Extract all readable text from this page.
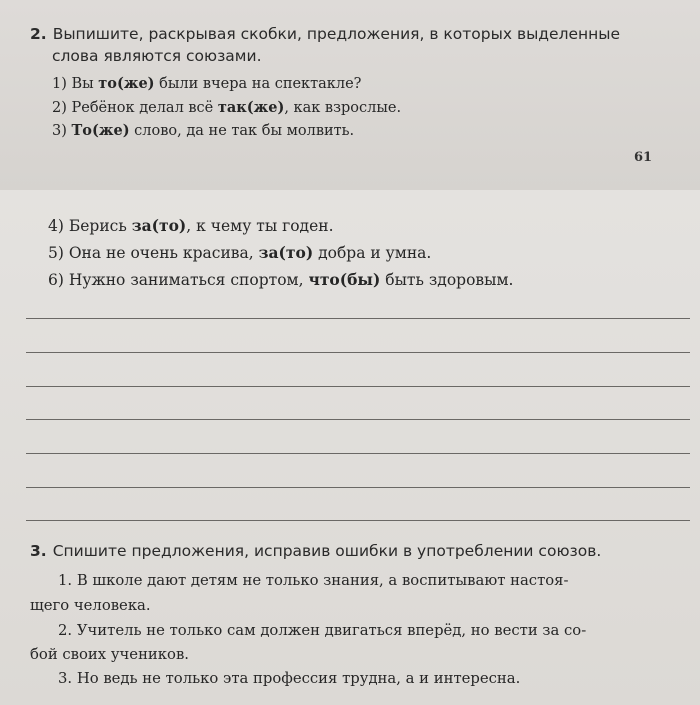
2. Выпишите, раскрывая скобки, предложения, в которых выделенные
слова являются союзами.
1) Вы то(же) были вчера на спектакле?
2) Ребёнок делал всё так(же), как взрослые.
3) То(же) слово, да не так бы молвить.
61
4) Берись за(то), к чему ты годен.
5) Она не очень красива, за(то) добра и умна.
6) Нужно заниматься спортом, что(бы) быть здоровым.
3. Спишите предложения, исправив ошибки в употреблении союзов.
1. В школе дают детям не только знания, а воспитывают настоя-
щего человека.
2. Учитель не только сам должен двигаться вперёд, но вести за со-
бой своих учеников.
3. Но ведь не только эта профессия трудна, а и интересна.
